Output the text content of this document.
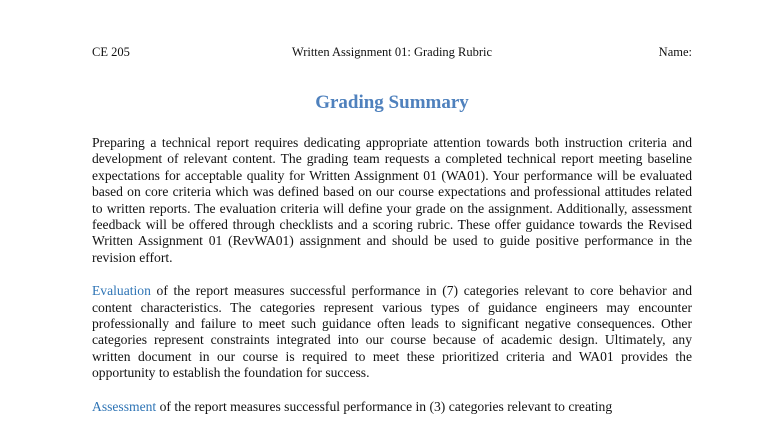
CE 205	Written Assignment 01: Grading Rubric	Name:
Grading Summary

Preparing a technical report requires dedicating appropriate attention towards both instruction criteria and development of relevant content. The grading team requests a completed technical report meeting baseline expectations for acceptable quality for Written Assignment 01 (WA01). Your performance will be evaluated based on core criteria which was defined based on our course expectations and professional attitudes related to written reports. The evaluation criteria will define your grade on the assignment. Additionally, assessment feedback will be offered through checklists and a scoring rubric. These offer guidance towards the Revised Written Assignment 01 (RevWA01) assignment and should be used to guide positive performance in the revision effort.

Evaluation of the report measures successful performance in (7) categories relevant to core behavior and content characteristics. The categories represent various types of guidance engineers may encounter professionally and failure to meet such guidance often leads to significant negative consequences. Other categories represent constraints integrated into our course because of academic design. Ultimately, any written document in our course is required to meet these prioritized criteria and WA01 provides the opportunity to establish the foundation for success.

Assessment of the report measures successful performance in (3) categories relevant to creating
